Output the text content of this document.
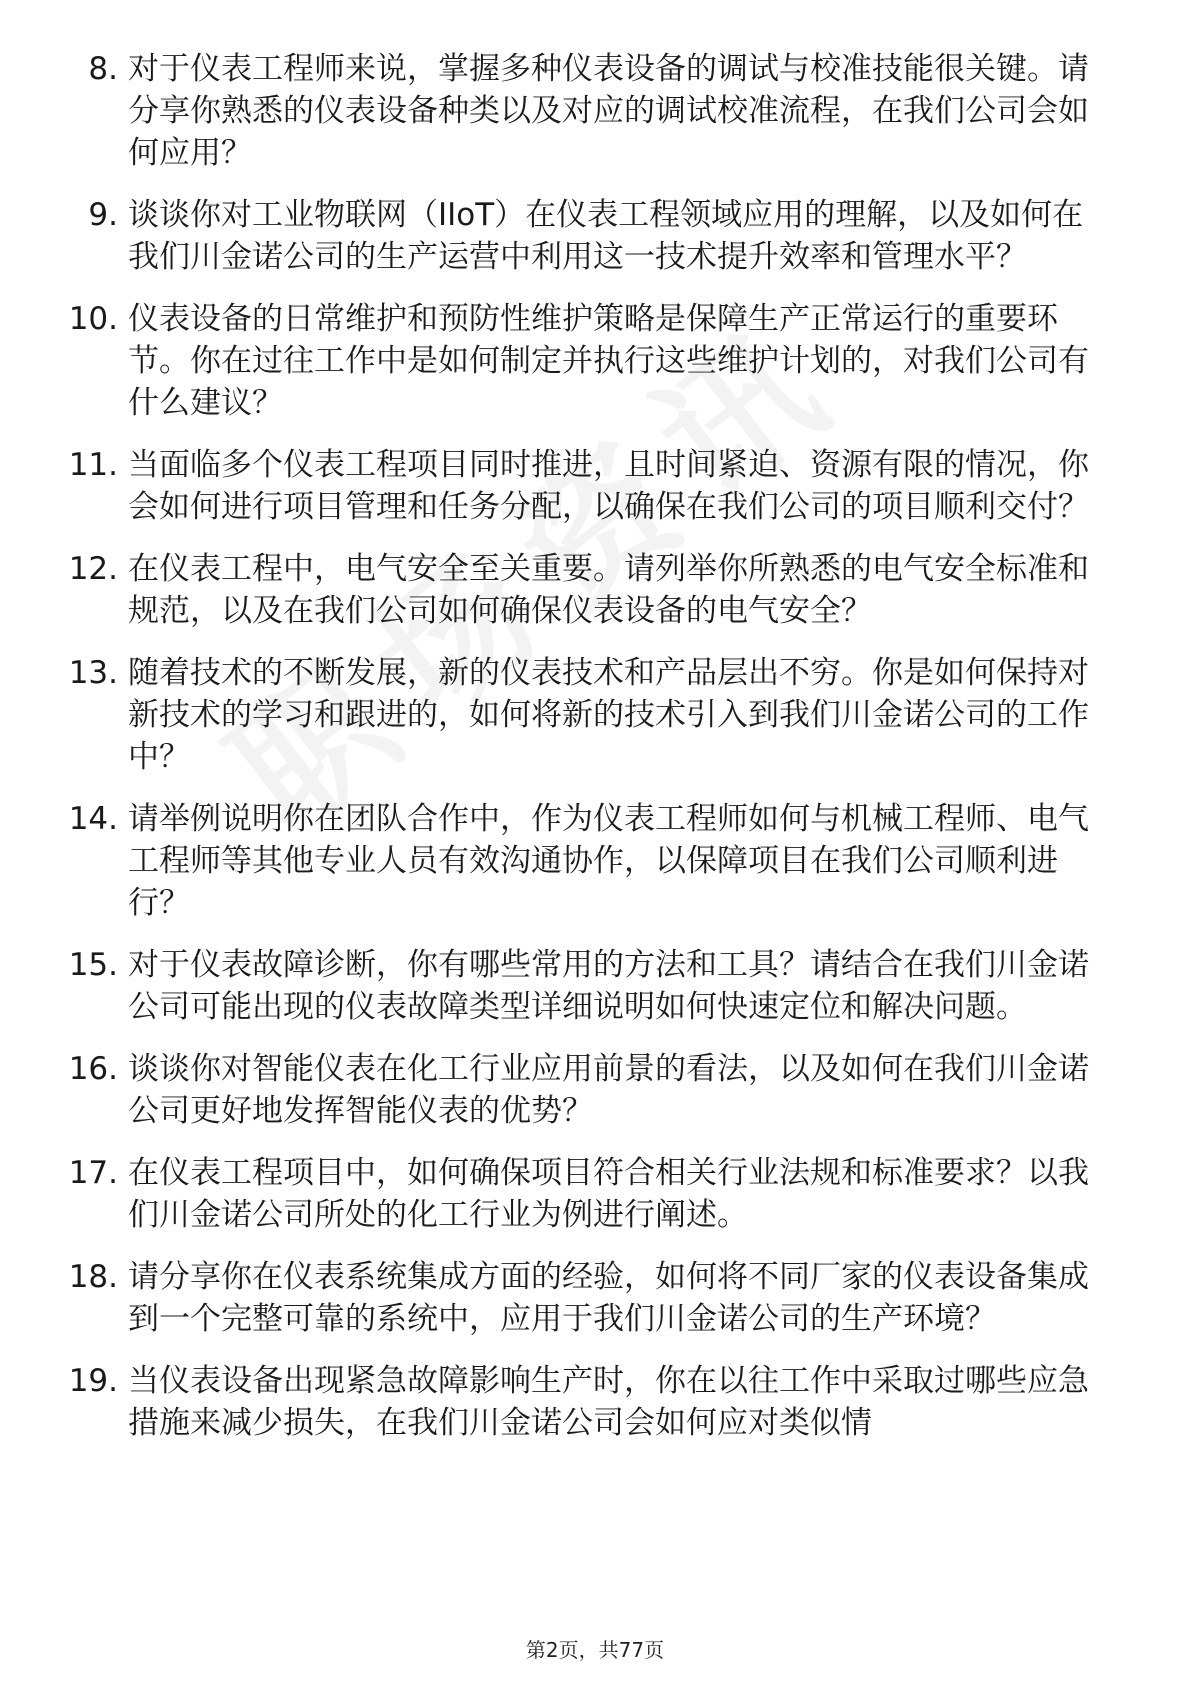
8. 对于仪表工程师来说，掌握多种仪表设备的调试与校准技能很关键。请分享你熟悉的仪表设备种类以及对应的调试校准流程，在我们公司会如何应用？
9. 谈谈你对工业物联网（IIoT）在仪表工程领域应用的理解，以及如何在我们川金诺公司的生产运营中利用这一技术提升效率和管理水平？
10. 仪表设备的日常维护和预防性维护策略是保障生产正常运行的重要环节。你在过往工作中是如何制定并执行这些维护计划的，对我们公司有什么建议？
11. 当面临多个仪表工程项目同时推进，且时间紧迫、资源有限的情况，你会如何进行项目管理和任务分配，以确保在我们公司的项目顺利交付？
12. 在仪表工程中，电气安全至关重要。请列举你所熟悉的电气安全标准和规范，以及在我们公司如何确保仪表设备的电气安全？
13. 随着技术的不断发展，新的仪表技术和产品层出不穷。你是如何保持对新技术的学习和跟进的，如何将新的技术引入到我们川金诺公司的工作中？
14. 请举例说明你在团队合作中，作为仪表工程师如何与机械工程师、电气工程师等其他专业人员有效沟通协作，以保障项目在我们公司顺利进行？
15. 对于仪表故障诊断，你有哪些常用的方法和工具？请结合在我们川金诺公司可能出现的仪表故障类型详细说明如何快速定位和解决问题。
16. 谈谈你对智能仪表在化工行业应用前景的看法，以及如何在我们川金诺公司更好地发挥智能仪表的优势？
17. 在仪表工程项目中，如何确保项目符合相关行业法规和标准要求？以我们川金诺公司所处的化工行业为例进行阐述。
18. 请分享你在仪表系统集成方面的经验，如何将不同厂家的仪表设备集成到一个完整可靠的系统中，应用于我们川金诺公司的生产环境？
19. 当仪表设备出现紧急故障影响生产时，你在以往工作中采取过哪些应急措施来减少损失，在我们川金诺公司会如何应对类似情
第2页，共77页
